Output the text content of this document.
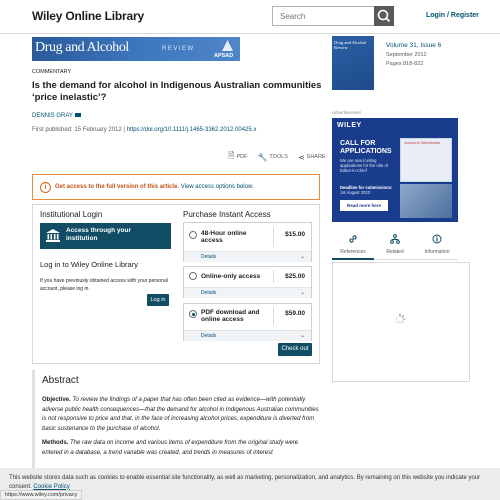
Wiley Online Library
Search	Login / Register
Drug and Alcohol	REVIEW
APSAD
COMMENTARY
Is the demand for alcohol in Indigenous Australian communities ‘price inelastic’?
DENNIS GRAY
First published: 15 February 2012 | https://doi.org/10.1111/j.1465-3362.2012.00425.x
🗎 PDF 🔧 TOOLS ⋖ SHARE
i	Get access to the full version of this article. View access options below.
Institutional Login
Access through your institution
Log in to Wiley Online Library
If you have previously obtained access with your personal account, please log in.
Log in
Purchase Instant Access
48-Hour online access
$15.00
Details	⌄
Online-only access	$25.00
Details	⌄
PDF download and online access
$59.00
Details	⌄
Check out
Abstract

Objective. To review the findings of a paper that has often been cited as evidence—with potentially adverse public health consequences—that the demand for alcohol in Indigenous Australian communities is not responsive to price and that, in the face of increasing alcohol prices, expenditure is diverted from basic sustenance to the purchase of alcohol.

Methods. The raw data on income and various items of expenditure from the original study were entered in a database, a trend variable was created, and trends in measures of interest

Drug and Alcohol Review	Volume 31, Issue 6
September 2012
Pages 818-822
Advertisement
WILEY
CALL FOR APPLICATIONS
We are now inviting applications for the role of Editor-in-Chief
Deadline for submissions:
1st August 2023
Read more here
Journal of Orthodontics
References	Related	Information
This website stores data such as cookies to enable essential site functionality, as well as marketing, personalization, and analytics. By remaining on this website you indicate your consent. Cookie Policy
https://www.wiley.com/privacy
